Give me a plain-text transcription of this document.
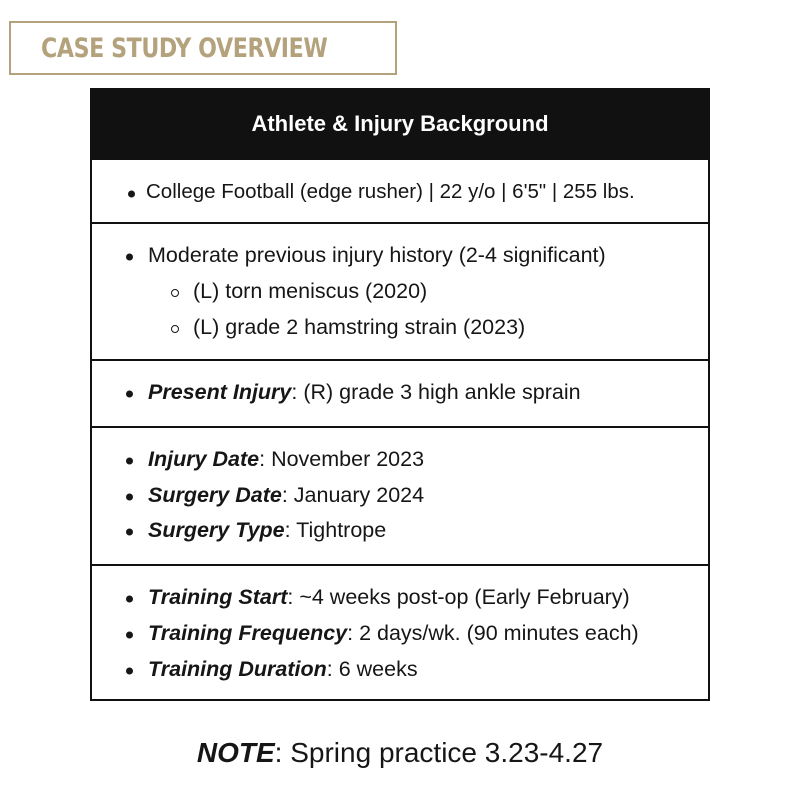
CASE STUDY OVERVIEW
Athlete & Injury Background
College Football (edge rusher) | 22 y/o | 6'5" | 255 lbs.
Moderate previous injury history (2-4 significant)
(L) torn meniscus (2020)
(L) grade 2 hamstring strain (2023)
Present Injury: (R) grade 3 high ankle sprain
Injury Date: November 2023
Surgery Date: January 2024
Surgery Type: Tightrope
Training Start: ~4 weeks post-op (Early February)
Training Frequency: 2 days/wk. (90 minutes each)
Training Duration: 6 weeks
NOTE: Spring practice 3.23-4.27
